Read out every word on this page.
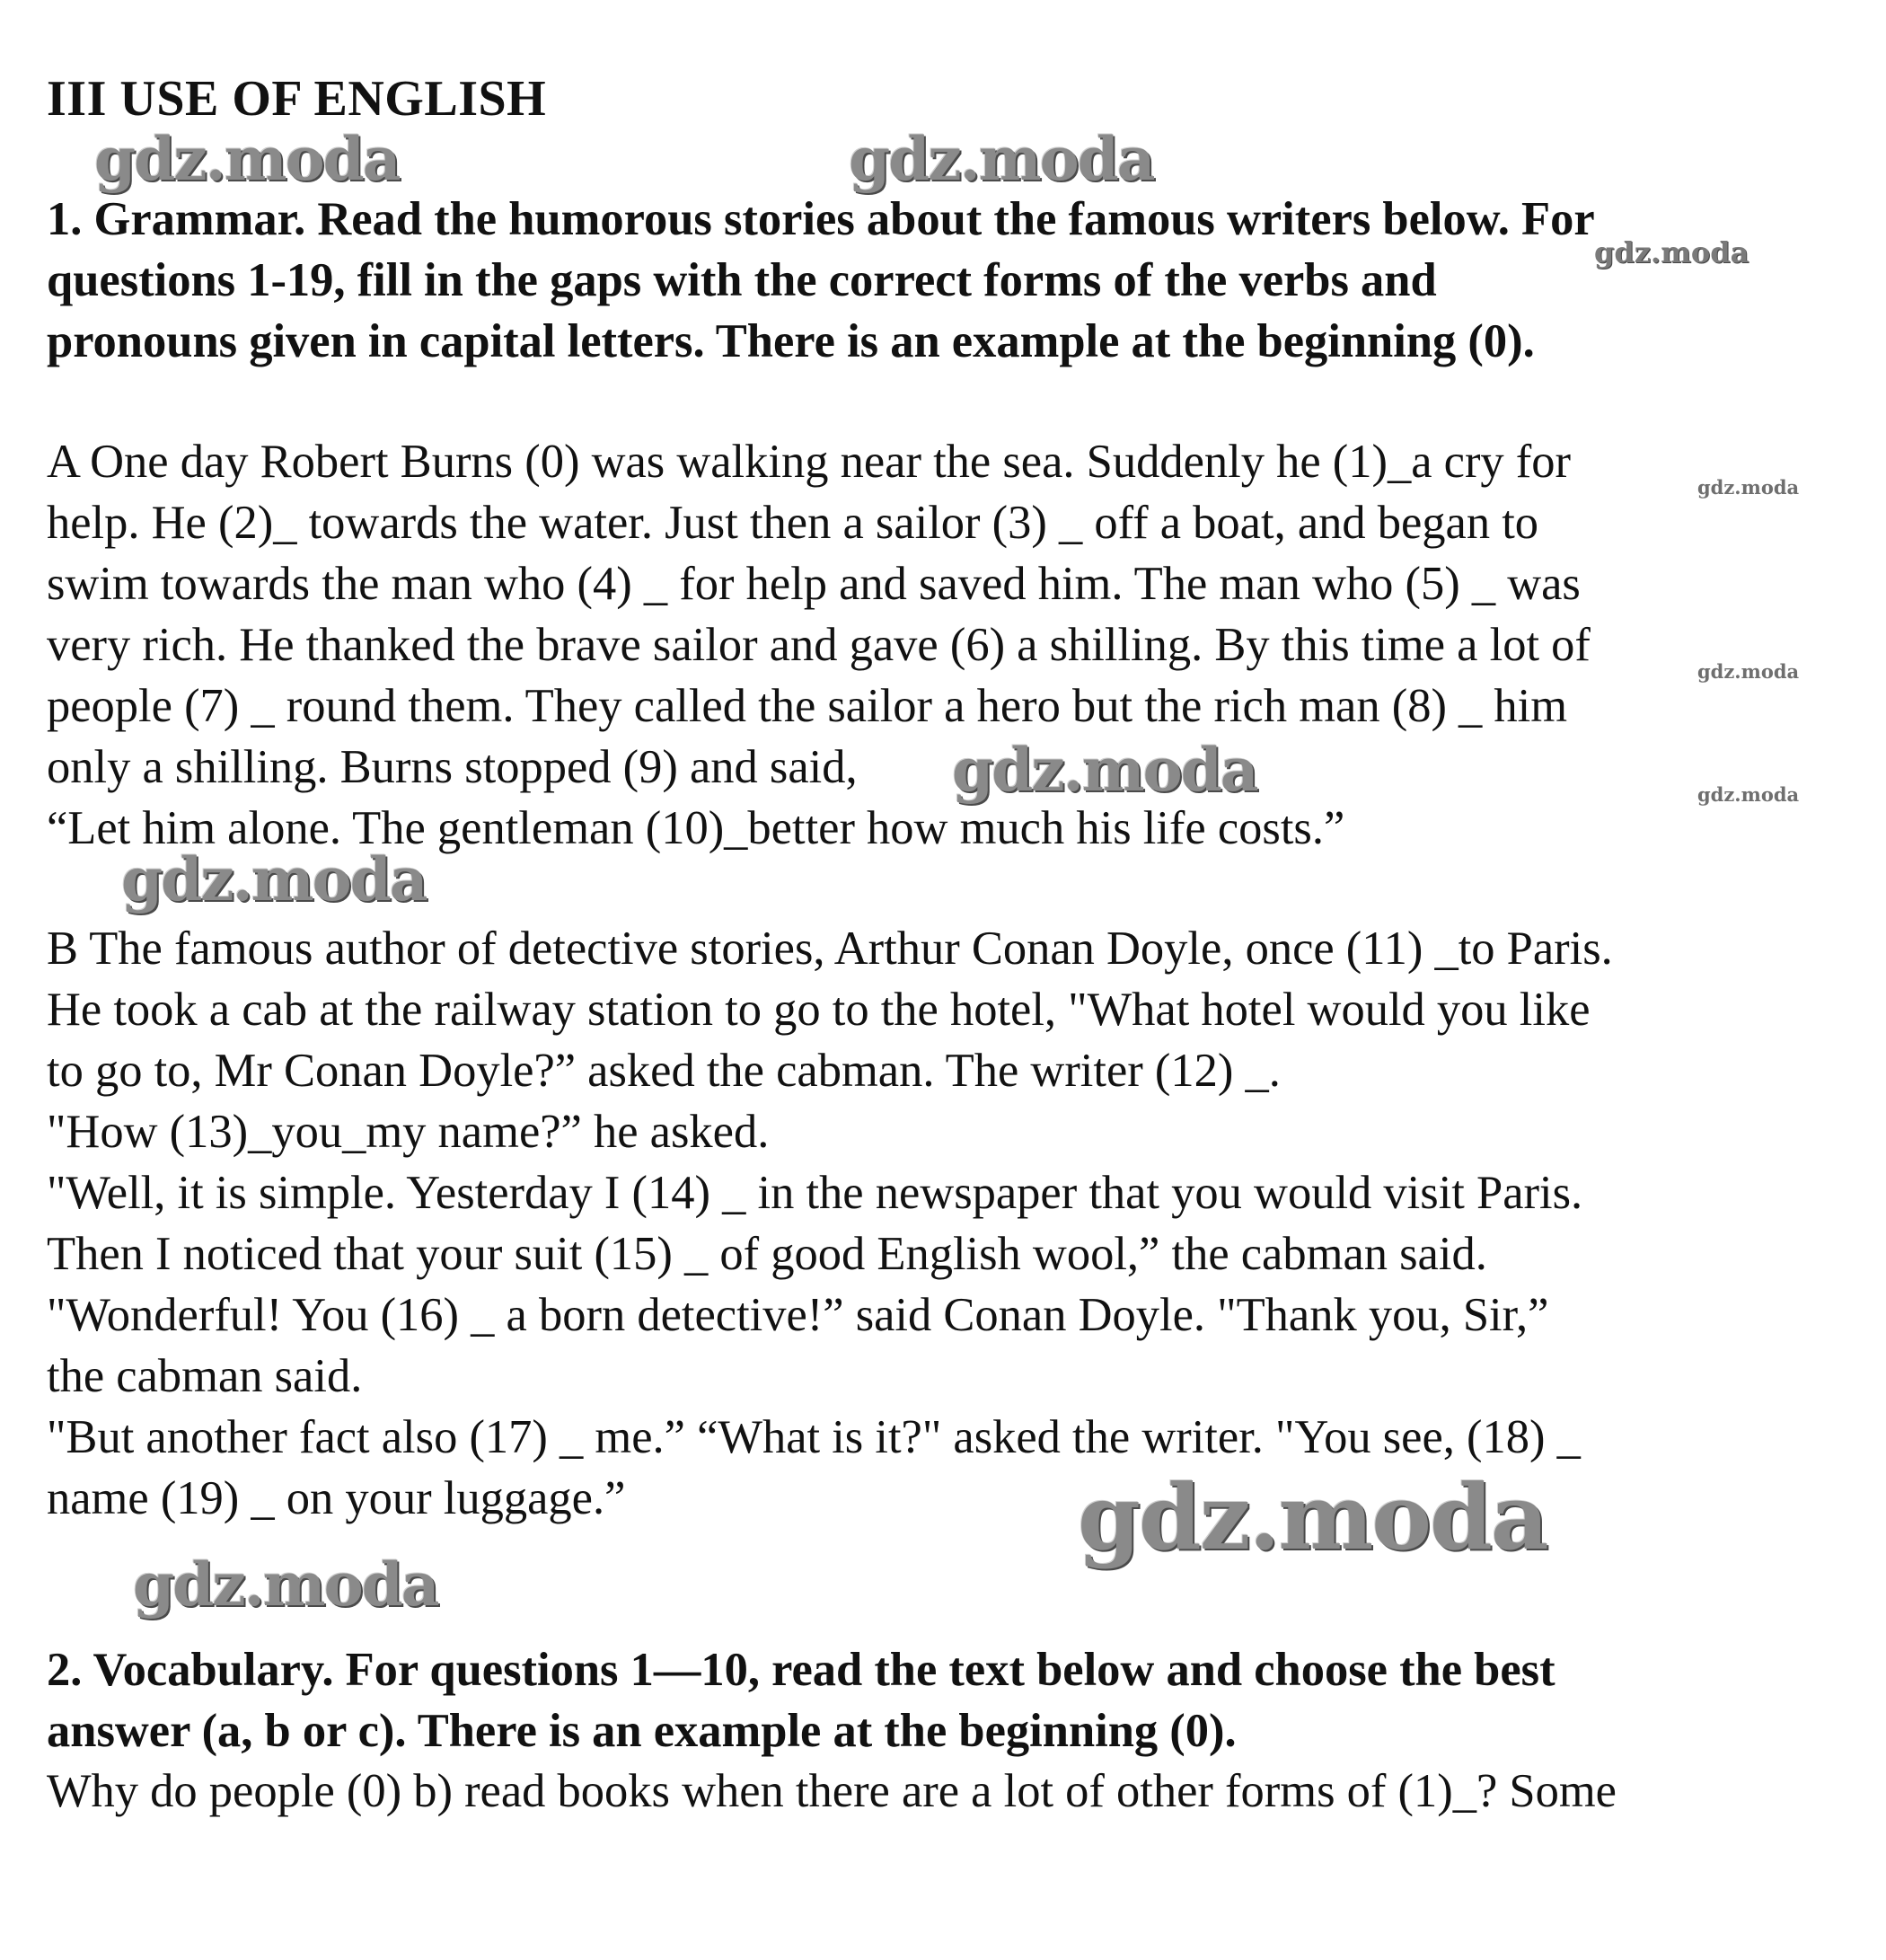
III USE OF ENGLISH
1. Grammar. Read the humorous stories about the famous writers below. For
questions 1-19, fill in the gaps with the correct forms of the verbs and
pronouns given in capital letters. There is an example at the beginning (0).
A One day Robert Burns (0) was walking near the sea. Suddenly he (1)_a cry for
help. He (2)_ towards the water. Just then a sailor (3) _ off a boat, and began to
swim towards the man who (4) _ for help and saved him. The man who (5) _ was
very rich. He thanked the brave sailor and gave (6) a shilling. By this time a lot of
people (7) _ round them. They called the sailor a hero but the rich man (8) _ him
only a shilling. Burns stopped (9) and said,
“Let him alone. The gentleman (10)_better how much his life costs.”
B The famous author of detective stories, Arthur Conan Doyle, once (11) _to Paris.
He took a cab at the railway station to go to the hotel, "What hotel would you like
to go to, Mr Conan Doyle?” asked the cabman. The writer (12) _.
"How (13)_you_my name?” he asked.
"Well, it is simple. Yesterday I (14) _ in the newspaper that you would visit Paris.
Then I noticed that your suit (15) _ of good English wool,” the cabman said.
"Wonderful! You (16) _ a born detective!” said Conan Doyle. "Thank you, Sir,”
the cabman said.
"But another fact also (17) _ me.” “What is it?" asked the writer. "You see, (18) _
name (19) _ on your luggage.”
2. Vocabulary. For questions 1—10, read the text below and choose the best
answer (a, b or c). There is an example at the beginning (0).
Why do people (0) b) read books when there are a lot of other forms of (1)_? Some
gdz.moda	gdz.moda
gdz.moda
gdz.moda
gdz.moda
gdz.moda	gdz.moda
gdz.moda
gdz.moda
gdz.moda
